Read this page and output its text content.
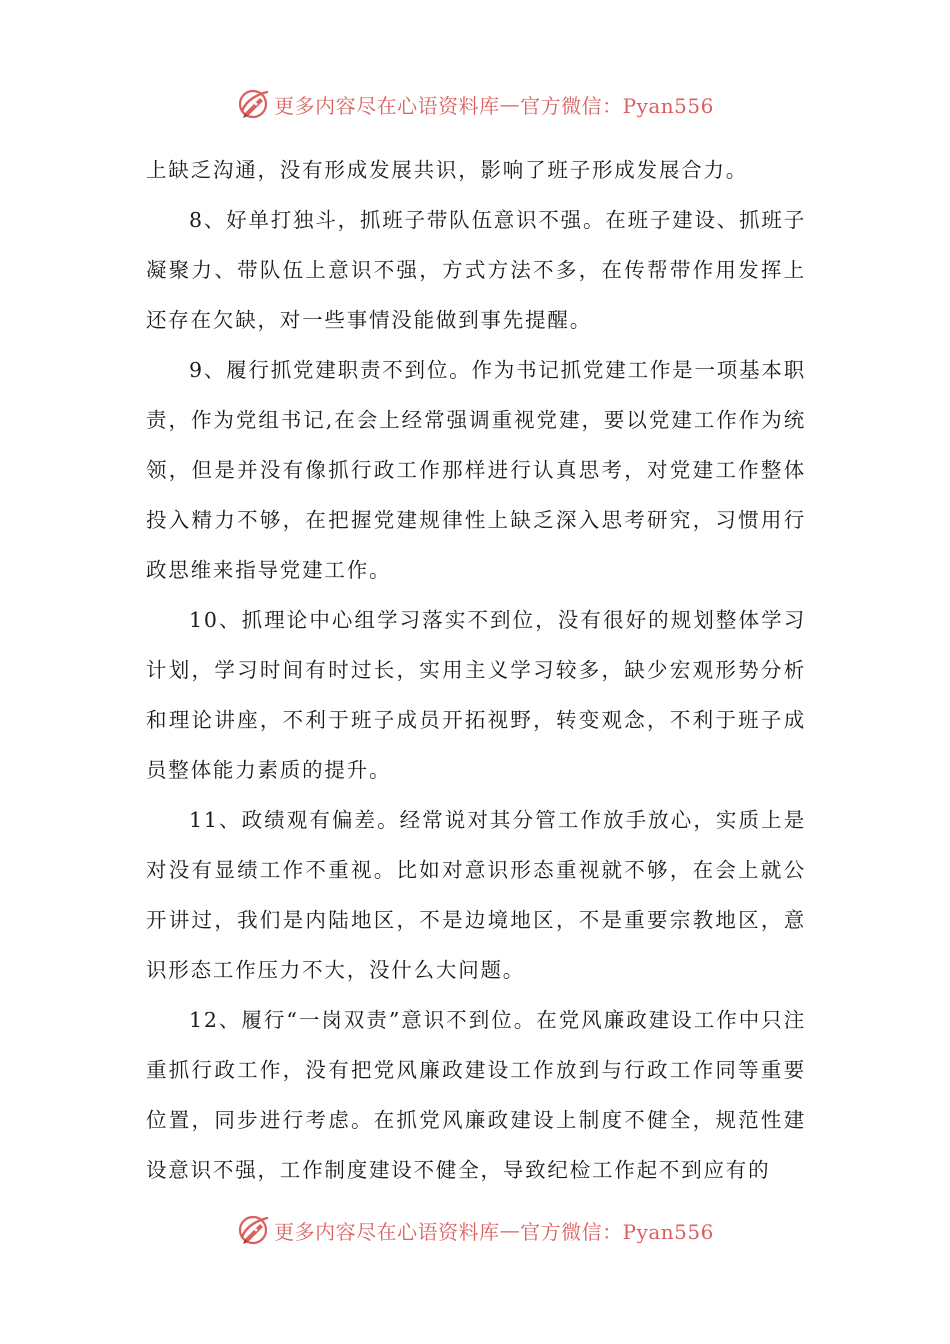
更多内容尽在心语资料库 — 官方微信：Pyan556

上缺乏沟通，没有形成发展共识，影响了班子形成发展合力。

8、好单打独斗，抓班子带队伍意识不强。在班子建设、抓班子凝聚力、带队伍上意识不强，方式方法不多，在传帮带作用发挥上还存在欠缺，对一些事情没能做到事先提醒。

9、履行抓党建职责不到位。作为书记抓党建工作是一项基本职责，作为党组书记,在会上经常强调重视党建，要以党建工作作为统领，但是并没有像抓行政工作那样进行认真思考，对党建工作整体投入精力不够，在把握党建规律性上缺乏深入思考研究，习惯用行政思维来指导党建工作。

10、抓理论中心组学习落实不到位，没有很好的规划整体学习计划，学习时间有时过长，实用主义学习较多，缺少宏观形势分析和理论讲座，不利于班子成员开拓视野，转变观念，不利于班子成员整体能力素质的提升。

11、政绩观有偏差。经常说对其分管工作放手放心，实质上是对没有显绩工作不重视。比如对意识形态重视就不够，在会上就公开讲过，我们是内陆地区，不是边境地区，不是重要宗教地区，意识形态工作压力不大，没什么大问题。

12、履行“一岗双责”意识不到位。在党风廉政建设工作中只注重抓行政工作，没有把党风廉政建设工作放到与行政工作同等重要位置，同步进行考虑。在抓党风廉政建设上制度不健全，规范性建设意识不强，工作制度建设不健全，导致纪检工作起不到应有的

更多内容尽在心语资料库 — 官方微信：Pyan556
